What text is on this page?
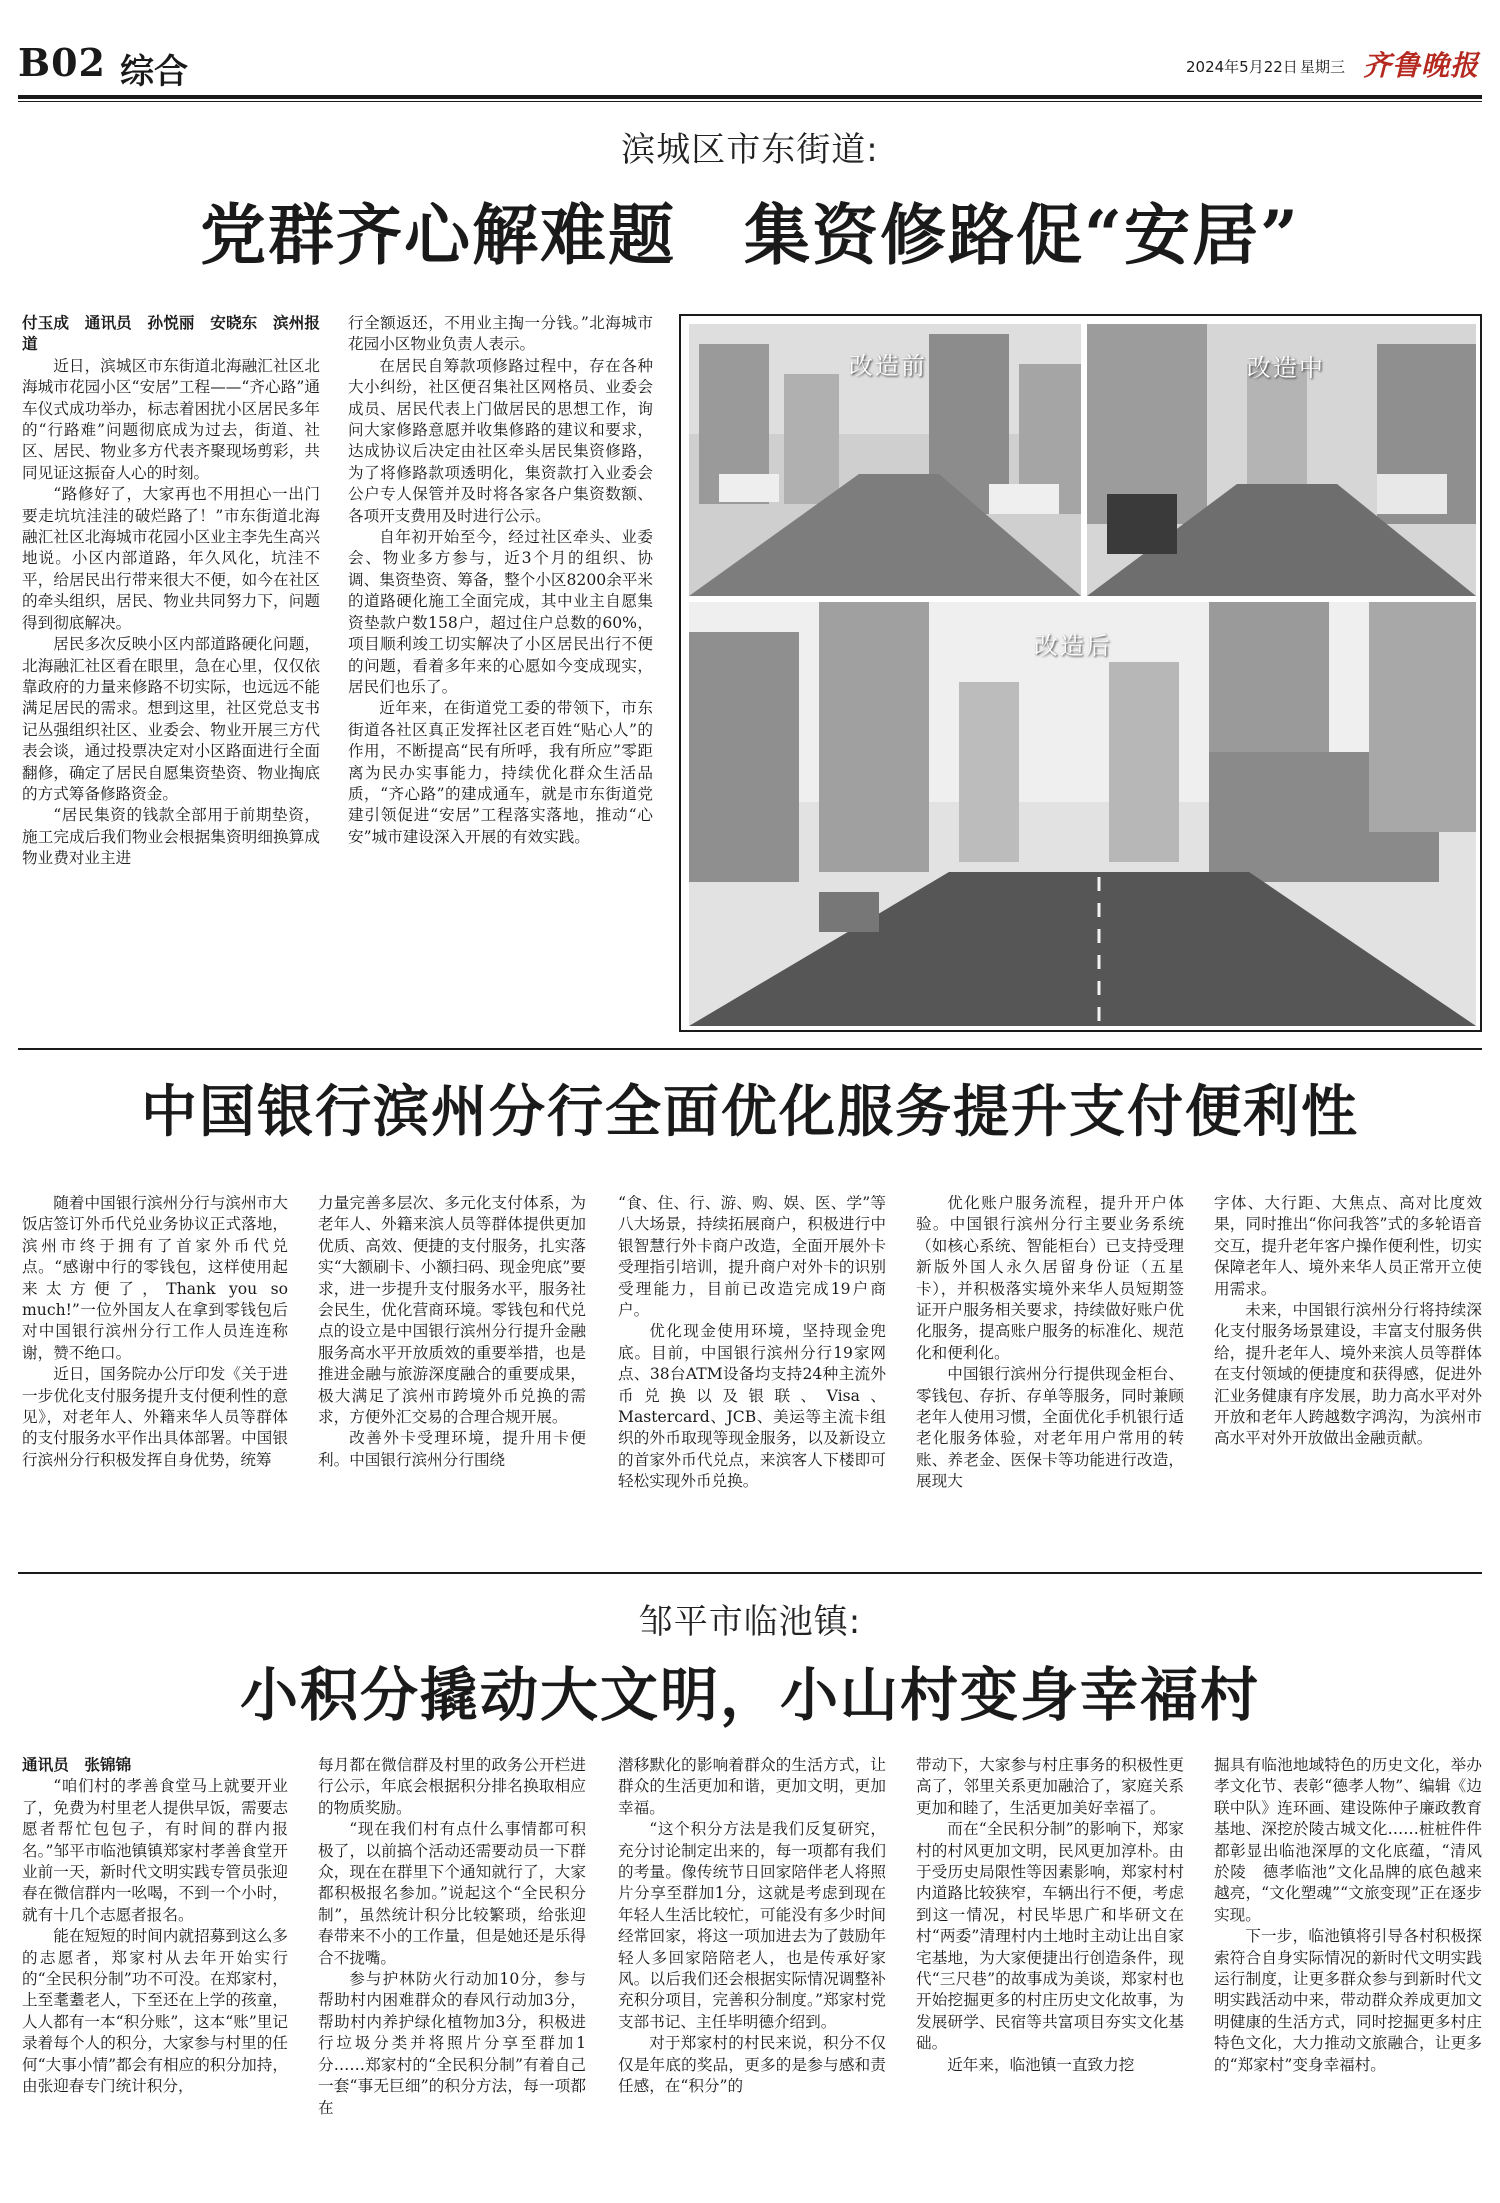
B02 综合	2024年5月22日 星期三 齐鲁晚报
滨城区市东街道:
党群齐心解难题　集资修路促“安居”

付玉成　通讯员　孙悦丽　安晓东　滨州报道

近日，滨城区市东街道北海融汇社区北海城市花园小区“安居”工程——“齐心路”通车仪式成功举办，标志着困扰小区居民多年的“行路难”问题彻底成为过去，街道、社区、居民、物业多方代表齐聚现场剪彩，共同见证这振奋人心的时刻。

“路修好了，大家再也不用担心一出门要走坑坑洼洼的破烂路了！”市东街道北海融汇社区北海城市花园小区业主李先生高兴地说。小区内部道路，年久风化，坑洼不平，给居民出行带来很大不便，如今在社区的牵头组织，居民、物业共同努力下，问题得到彻底解决。

居民多次反映小区内部道路硬化问题，北海融汇社区看在眼里，急在心里，仅仅依靠政府的力量来修路不切实际，也远远不能满足居民的需求。想到这里，社区党总支书记丛强组织社区、业委会、物业开展三方代表会谈，通过投票决定对小区路面进行全面翻修，确定了居民自愿集资垫资、物业掏底的方式筹备修路资金。

“居民集资的钱款全部用于前期垫资，施工完成后我们物业会根据集资明细换算成物业费对业主进

行全额返还，不用业主掏一分钱。”北海城市花园小区物业负责人表示。

在居民自筹款项修路过程中，存在各种大小纠纷，社区便召集社区网格员、业委会成员、居民代表上门做居民的思想工作，询问大家修路意愿并收集修路的建议和要求，达成协议后决定由社区牵头居民集资修路，为了将修路款项透明化，集资款打入业委会公户专人保管并及时将各家各户集资数额、各项开支费用及时进行公示。

自年初开始至今，经过社区牵头、业委会、物业多方参与，近3个月的组织、协调、集资垫资、筹备，整个小区8200余平米的道路硬化施工全面完成，其中业主自愿集资垫款户数158户，超过住户总数的60%，项目顺利竣工切实解决了小区居民出行不便的问题，看着多年来的心愿如今变成现实，居民们也乐了。

近年来，在街道党工委的带领下，市东街道各社区真正发挥社区老百姓“贴心人”的作用，不断提高“民有所呼，我有所应”零距离为民办实事能力，持续优化群众生活品质，“齐心路”的建成通车，就是市东街道党建引领促进“安居”工程落实落地，推动“心安”城市建设深入开展的有效实践。

改造前	改造中
改造后
中国银行滨州分行全面优化服务提升支付便利性

随着中国银行滨州分行与滨州市大饭店签订外币代兑业务协议正式落地，滨州市终于拥有了首家外币代兑点。“感谢中行的零钱包，这样使用起来太方便了，Thank you so much!”一位外国友人在拿到零钱包后对中国银行滨州分行工作人员连连称谢，赞不绝口。

近日，国务院办公厅印发《关于进一步优化支付服务提升支付便利性的意见》，对老年人、外籍来华人员等群体的支付服务水平作出具体部署。中国银行滨州分行积极发挥自身优势，统筹

力量完善多层次、多元化支付体系，为老年人、外籍来滨人员等群体提供更加优质、高效、便捷的支付服务，扎实落实“大额刷卡、小额扫码、现金兜底”要求，进一步提升支付服务水平，服务社会民生，优化营商环境。零钱包和代兑点的设立是中国银行滨州分行提升金融服务高水平开放质效的重要举措，也是推进金融与旅游深度融合的重要成果，极大满足了滨州市跨境外币兑换的需求，方便外汇交易的合理合规开展。

改善外卡受理环境，提升用卡便利。中国银行滨州分行围绕

“食、住、行、游、购、娱、医、学”等八大场景，持续拓展商户，积极进行中银智慧行外卡商户改造，全面开展外卡受理指引培训，提升商户对外卡的识别受理能力，目前已改造完成19户商户。

优化现金使用环境，坚持现金兜底。目前，中国银行滨州分行19家网点、38台ATM设备均支持24种主流外币兑换以及银联、Visa、Mastercard、JCB、美运等主流卡组织的外币取现等现金服务，以及新设立的首家外币代兑点，来滨客人下楼即可轻松实现外币兑换。

优化账户服务流程，提升开户体验。中国银行滨州分行主要业务系统（如核心系统、智能柜台）已支持受理新版外国人永久居留身份证（五星卡），并积极落实境外来华人员短期签证开户服务相关要求，持续做好账户优化服务，提高账户服务的标准化、规范化和便利化。

中国银行滨州分行提供现金柜台、零钱包、存折、存单等服务，同时兼顾老年人使用习惯，全面优化手机银行适老化服务体验，对老年用户常用的转账、养老金、医保卡等功能进行改造，展现大

字体、大行距、大焦点、高对比度效果，同时推出“你问我答”式的多轮语音交互，提升老年客户操作便利性，切实保障老年人、境外来华人员正常开立使用需求。

未来，中国银行滨州分行将持续深化支付服务场景建设，丰富支付服务供给，提升老年人、境外来滨人员等群体在支付领域的便捷度和获得感，促进外汇业务健康有序发展，助力高水平对外开放和老年人跨越数字鸿沟，为滨州市高水平对外开放做出金融贡献。

邹平市临池镇:
小积分撬动大文明，小山村变身幸福村

通讯员　张锦锦

“咱们村的孝善食堂马上就要开业了，免费为村里老人提供早饭，需要志愿者帮忙包包子，有时间的群内报名。”邹平市临池镇镇郑家村孝善食堂开业前一天，新时代文明实践专管员张迎春在微信群内一吆喝，不到一个小时，就有十几个志愿者报名。

能在短短的时间内就招募到这么多的志愿者，郑家村从去年开始实行的“全民积分制”功不可没。在郑家村，上至耄耋老人，下至还在上学的孩童，人人都有一本“积分账”，这本“账”里记录着每个人的积分，大家参与村里的任何“大事小情”都会有相应的积分加持，由张迎春专门统计积分，

每月都在微信群及村里的政务公开栏进行公示，年底会根据积分排名换取相应的物质奖励。

“现在我们村有点什么事情都可积极了，以前搞个活动还需要动员一下群众，现在在群里下个通知就行了，大家都积极报名参加。”说起这个“全民积分制”，虽然统计积分比较繁琐，给张迎春带来不小的工作量，但是她还是乐得合不拢嘴。

参与护林防火行动加10分，参与帮助村内困难群众的春风行动加3分，帮助村内养护绿化植物加3分，积极进行垃圾分类并将照片分享至群加1分……郑家村的“全民积分制”有着自己一套“事无巨细”的积分方法，每一项都在

潜移默化的影响着群众的生活方式，让群众的生活更加和谐，更加文明，更加幸福。

“这个积分方法是我们反复研究，充分讨论制定出来的，每一项都有我们的考量。像传统节日回家陪伴老人将照片分享至群加1分，这就是考虑到现在年轻人生活比较忙，可能没有多少时间经常回家，将这一项加进去为了鼓励年轻人多回家陪陪老人，也是传承好家风。以后我们还会根据实际情况调整补充积分项目，完善积分制度。”郑家村党支部书记、主任毕明德介绍到。

对于郑家村的村民来说，积分不仅仅是年底的奖品，更多的是参与感和责任感，在“积分”的

带动下，大家参与村庄事务的积极性更高了，邻里关系更加融洽了，家庭关系更加和睦了，生活更加美好幸福了。

而在“全民积分制”的影响下，郑家村的村风更加文明，民风更加淳朴。由于受历史局限性等因素影响，郑家村村内道路比较狭窄，车辆出行不便，考虑到这一情况，村民毕思广和毕研文在村“两委”清理村内土地时主动让出自家宅基地，为大家便捷出行创造条件，现代“三尺巷”的故事成为美谈，郑家村也开始挖掘更多的村庄历史文化故事，为发展研学、民宿等共富项目夯实文化基础。

近年来，临池镇一直致力挖

掘具有临池地域特色的历史文化，举办孝文化节、表彰“德孝人物”、编辑《边联中队》连环画、建设陈仲子廉政教育基地、深挖於陵古城文化……桩桩件件都彰显出临池深厚的文化底蕴，“清风於陵　德孝临池”文化品牌的底色越来越亮，“文化塑魂”“文旅变现”正在逐步实现。

下一步，临池镇将引导各村积极探索符合自身实际情况的新时代文明实践运行制度，让更多群众参与到新时代文明实践活动中来，带动群众养成更加文明健康的生活方式，同时挖掘更多村庄特色文化，大力推动文旅融合，让更多的“郑家村”变身幸福村。
